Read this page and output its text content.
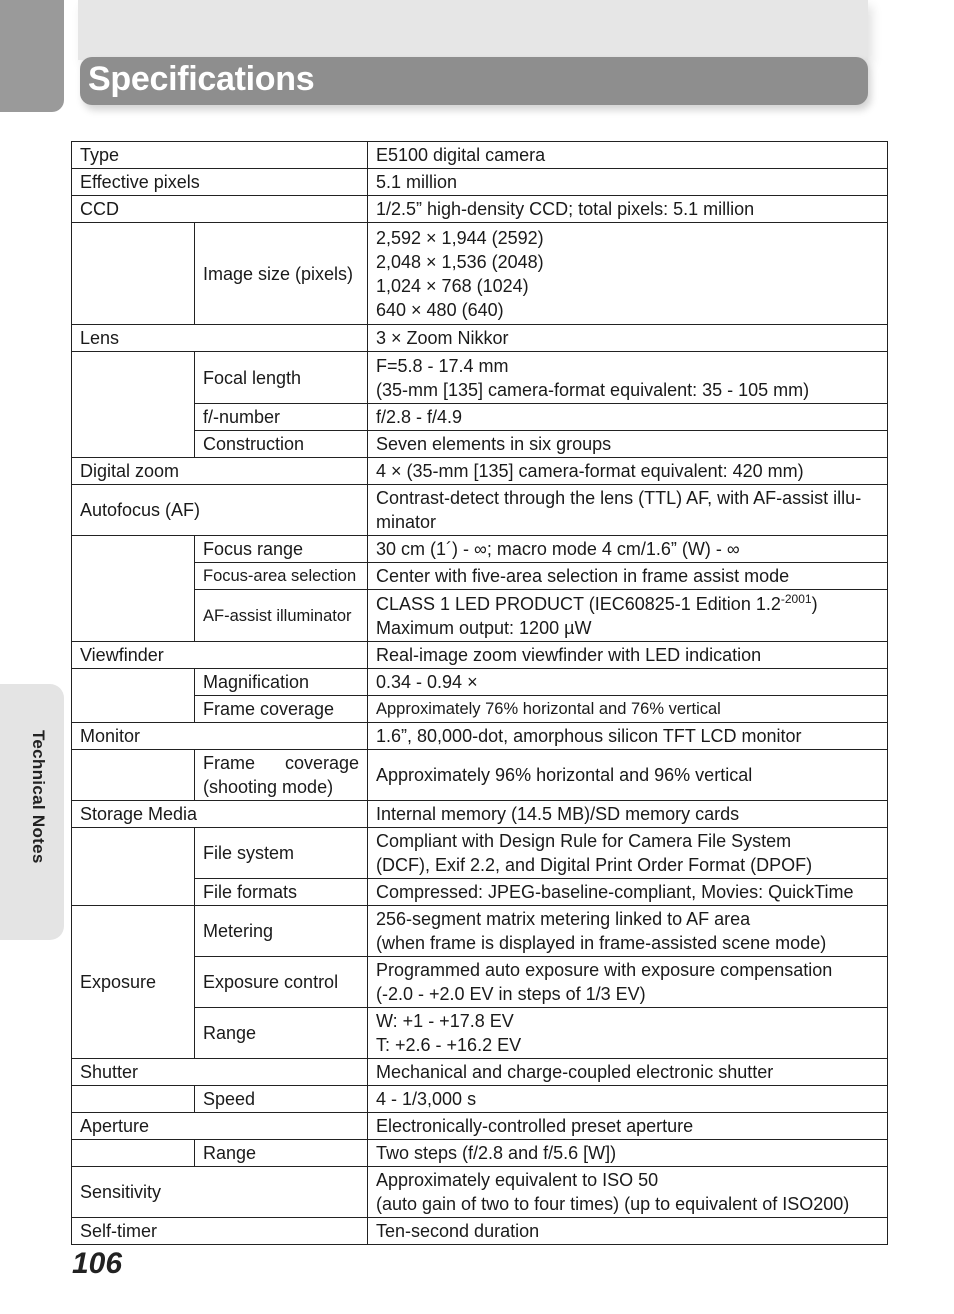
Specifications
Technical Notes
Type		E5100 digital camera
Effective pixels		5.1 million
CCD		1/2.5” high-density CCD; total pixels: 5.1 million
	Image size (pixels)	2,592 × 1,944 (2592)
2,048 × 1,536 (2048)
1,024 × 768 (1024)
640 × 480 (640)

Lens		3 × Zoom Nikkor
	Focal length	F=5.8 - 17.4 mm
(35-mm [135] camera-format equivalent: 35 - 105 mm)

	f/-number	f/2.8 - f/4.9
	Construction	Seven elements in six groups
Digital zoom		4 × (35-mm [135] camera-format equivalent: 420 mm)
Autofocus (AF)		Contrast-detect through the lens (TTL) AF, with AF-assist illu-
minator

	Focus range	30 cm (1´) - ∞; macro mode 4 cm/1.6” (W) - ∞
	Focus-area selection	Center with five-area selection in frame assist mode
	AF-assist illuminator	CLASS 1 LED PRODUCT (IEC60825-1 Edition $1.2^{-2001}$)
Maximum output: 1200 µW

Viewfinder		Real-image zoom viewfinder with LED indication
	Magnification	0.34 - 0.94 ×
	Frame coverage	Approximately 76% horizontal and 76% vertical
Monitor		1.6”, 80,000-dot, amorphous silicon TFT LCD monitor

	Frame coverage
(shooting mode)	Approximately 96% horizontal and 96% vertical
Storage Media		Internal memory (14.5 MB)/SD memory cards
	File system	Compliant with Design Rule for Camera File System
(DCF), Exif 2.2, and Digital Print Order Format (DPOF)

	File formats	Compressed: JPEG-baseline-compliant, Movies: QuickTime
Exposure	Metering	256-segment matrix metering linked to AF area
(when frame is displayed in frame-assisted scene mode)

	Exposure control	Programmed auto exposure with exposure compensation
(-2.0 - +2.0 EV in steps of 1/3 EV)

	Range	W: +1 - +17.8 EV
T: +2.6 - +16.2 EV

Shutter		Mechanical and charge-coupled electronic shutter
	Speed	4 - 1/3,000 s
Aperture		Electronically-controlled preset aperture
	Range	Two steps (f/2.8 and f/5.6 [W])
Sensitivity		Approximately equivalent to ISO 50
(auto gain of two to four times) (up to equivalent of ISO200)

Self-timer		Ten-second duration
106
